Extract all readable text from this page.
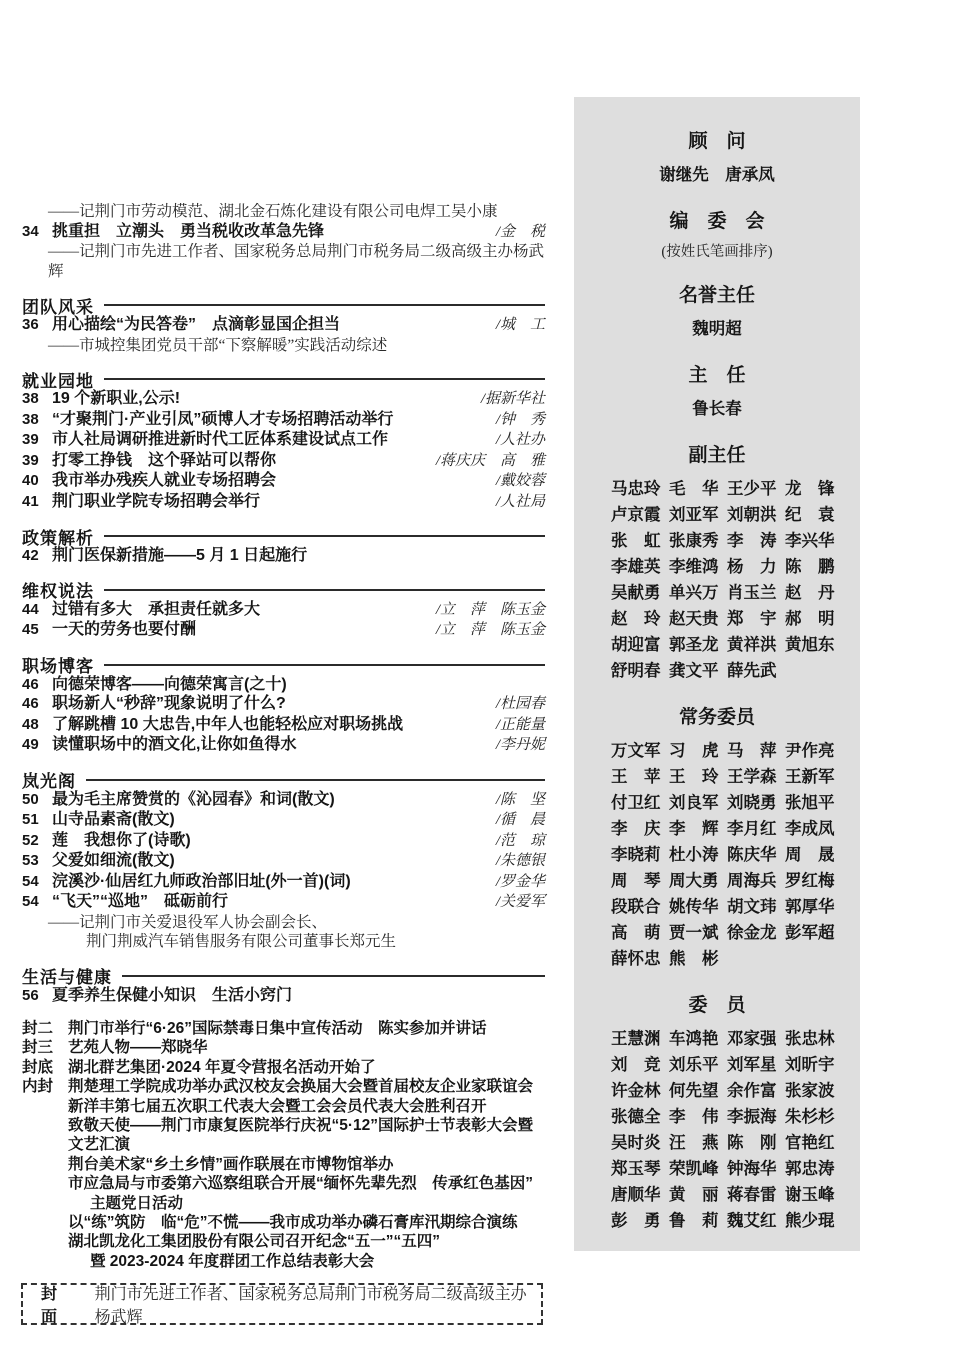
——记荆门市劳动模范、湖北金石炼化建设有限公司电焊工吴小康
34 挑重担　立潮头　勇当税收改革急先锋	/金　税
——记荆门市先进工作者、国家税务总局荆门市税务局二级高级主办杨武辉
团队风采
36 用心描绘“为民答卷”　点滴彰显国企担当	/城　工
——市城控集团党员干部“下察解暖”实践活动综述
就业园地
38 19 个新职业,公示!	/据新华社
38 “才聚荆门·产业引凤”硕博人才专场招聘活动举行	/钟　秀
39 市人社局调研推进新时代工匠体系建设试点工作	/人社办
39 打零工挣钱　这个驿站可以帮你	/蒋庆庆　高　雅
40 我市举办残疾人就业专场招聘会	/戴姣蓉
41 荆门职业学院专场招聘会举行	/人社局
政策解析
42 荆门医保新措施——5 月 1 日起施行
维权说法
44 过错有多大　承担责任就多大	/立　萍　陈玉金
45 一天的劳务也要付酬	/立　萍　陈玉金
职场博客
46 向德荣博客——向德荣寓言(之十)
46 职场新人“秒辞”现象说明了什么?	/杜园春
48 了解跳槽 10 大忠告,中年人也能轻松应对职场挑战	/正能量
49 读懂职场中的酒文化,让你如鱼得水	/李丹妮
岚光阁
50 最为毛主席赞赏的《沁园春》和词(散文)	/陈　坚
51 山寺品素斋(散文)	/循　晨
52 莲　我想你了(诗歌)	/范　琼
53 父爱如细流(散文)	/朱德银
54 浣溪沙·仙居红九师政治部旧址(外一首)(词)	/罗金华
54 “飞天”“巡地”　砥砺前行	/关爱军
——记荆门市关爱退役军人协会副会长、
荆门荆威汽车销售服务有限公司董事长郑元生
生活与健康
56 夏季养生保健小知识　生活小窍门
封二 荆门市举行“6·26”国际禁毒日集中宣传活动　陈实参加并讲话
封三 艺苑人物——郑晓华
封底 湖北群艺集团·2024 年夏令营报名活动开始了
内封 荆楚理工学院成功举办武汉校友会换届大会暨首届校友企业家联谊会
新洋丰第七届五次职工代表大会暨工会会员代表大会胜利召开
致敬天使——荆门市康复医院举行庆祝“5·12”国际护士节表彰大会暨文艺汇演
荆台美术家“乡土乡情”画作联展在市博物馆举办
市应急局与市委第六巡察组联合开展“缅怀先辈先烈　传承红色基因”
主题党日活动
以“练”筑防　临“危”不慌——我市成功举办磷石膏库汛期综合演练
湖北凯龙化工集团股份有限公司召开纪念“五一”“五四”
暨 2023-2024 年度群团工作总结表彰大会
封面
荆门市先进工作者、国家税务总局荆门市税务局二级高级主办杨武辉
顾　问
谢继先　唐承凤
编　委　会
(按姓氏笔画排序)
名誉主任
魏明超
主　任
鲁长春
副主任
马忠玲 毛　华 王少平 龙　锋
卢京霞 刘亚军 刘朝洪 纪　袁
张　虹 张康秀 李　涛 李兴华
李雄英 李维鸿 杨　力 陈　鹏
吴献勇 单兴万 肖玉兰 赵　丹
赵　玲 赵天贵 郑　宇 郝　明
胡迎富 郭圣龙 黄祥洪 黄旭东
舒明春 龚文平 薛先武
常务委员
万文军 习　虎 马　萍 尹作亮
王　苹 王　玲 王学森 王新军
付卫红 刘良军 刘晓勇 张旭平
李　庆 李　辉 李月红 李成凤
李晓莉 杜小涛 陈庆华 周　晟
周　琴 周大勇 周海兵 罗红梅
段联合 姚传华 胡文玮 郭厚华
高　萌 贾一斌 徐金龙 彭军超
薛怀忠 熊　彬
委　员
王慧渊 车鸿艳 邓家强 张忠林
刘　竞 刘乐平 刘军星 刘昕宇
许金林 何先望 余作富 张家波
张德全 李　伟 李振海 朱杉杉
吴时炎 汪　燕 陈　刚 官艳红
郑玉琴 荣凯峰 钟海华 郭忠涛
唐顺华 黄　丽 蒋春雷 谢玉峰
彭　勇 鲁　莉 魏艾红 熊少琨
